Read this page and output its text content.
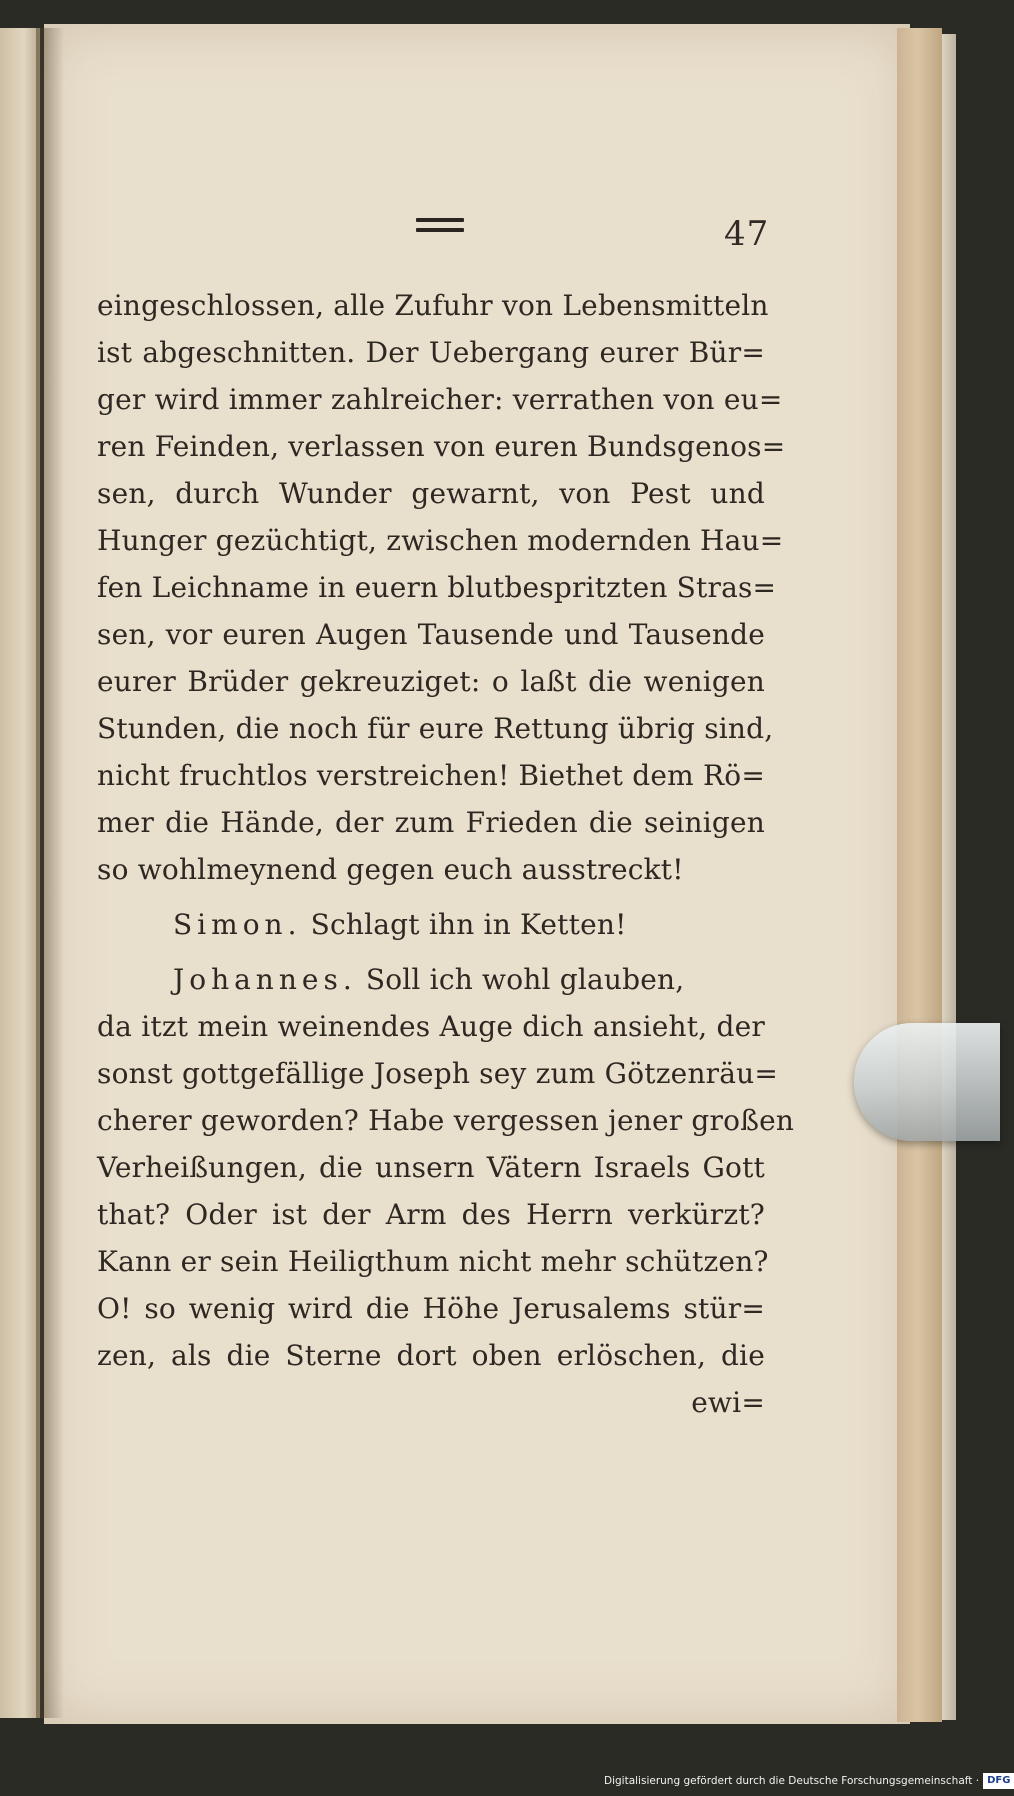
47
eingeschlossen, alle Zufuhr von Lebensmitteln
ist abgeschnitten. Der Uebergang eurer Bür=
ger wird immer zahlreicher: verrathen von eu=
ren Feinden, verlassen von euren Bundsgenos=
sen, durch Wunder gewarnt, von Pest und
Hunger gezüchtigt, zwischen modernden Hau=
fen Leichname in euern blutbespritzten Stras=
sen, vor euren Augen Tausende und Tausende
eurer Brüder gekreuziget: o laßt die wenigen
Stunden, die noch für eure Rettung übrig sind,
nicht fruchtlos verstreichen! Biethet dem Rö=
mer die Hände, der zum Frieden die seinigen
so wohlmeynend gegen euch ausstreckt!
Simon. Schlagt ihn in Ketten!
Johannes. Soll ich wohl glauben,
da itzt mein weinendes Auge dich ansieht, der
sonst gottgefällige Joseph sey zum Götzenräu=
cherer geworden? Habe vergessen jener großen
Verheißungen, die unsern Vätern Israels Gott
that? Oder ist der Arm des Herrn verkürzt?
Kann er sein Heiligthum nicht mehr schützen?
O! so wenig wird die Höhe Jerusalems stür=
zen, als die Sterne dort oben erlöschen, die
ewi=
Digitalisierung gefördert durch die Deutsche Forschungsgemeinschaft · DFG
